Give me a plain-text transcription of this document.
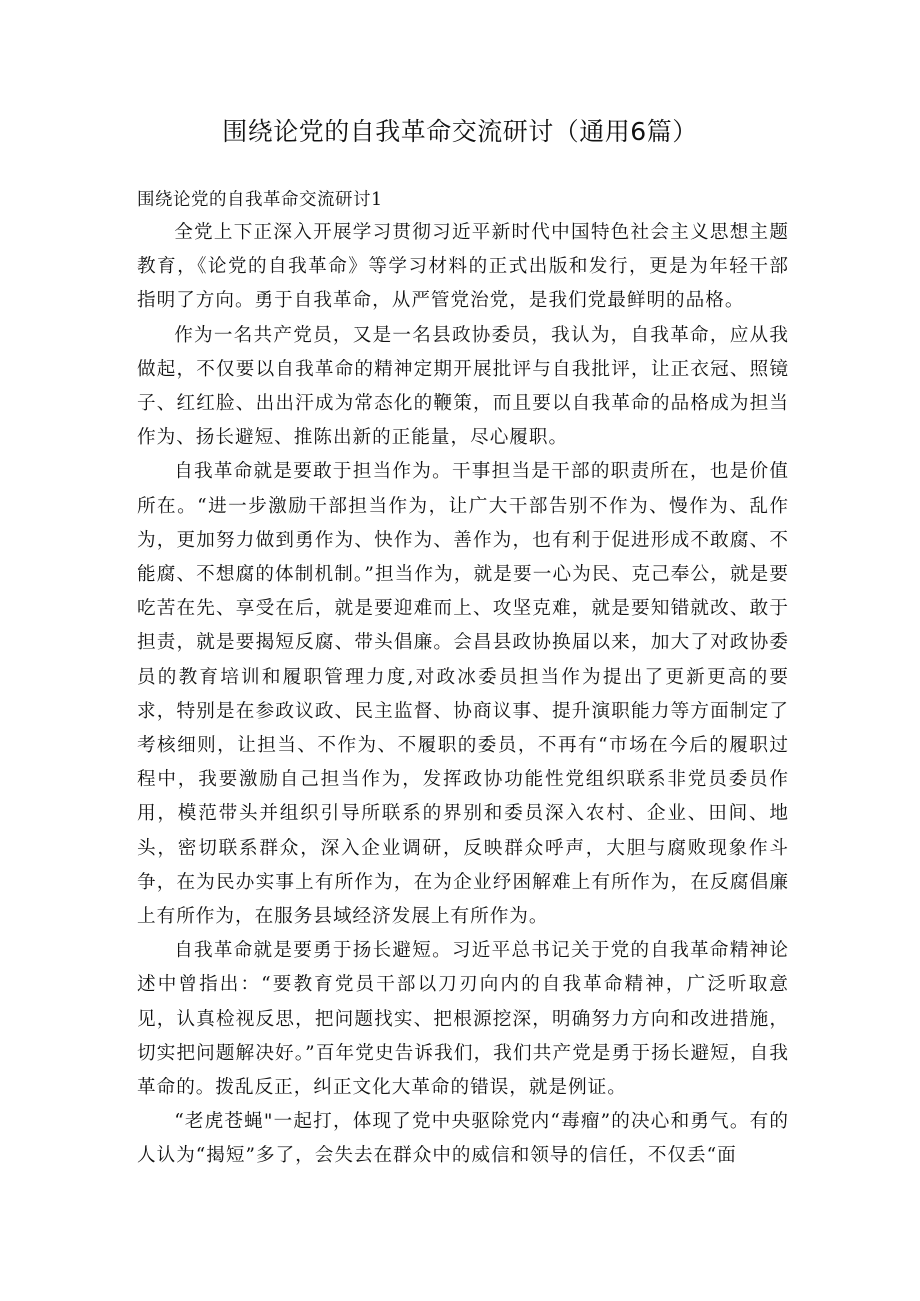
围绕论党的自我革命交流研讨（通用6篇）
围绕论党的自我革命交流研讨1

全党上下正深入开展学习贯彻习近平新时代中国特色社会主义思想主题教育，《论党的自我革命》等学习材料的正式出版和发行，更是为年轻干部指明了方向。勇于自我革命，从严管党治党，是我们党最鲜明的品格。

作为一名共产党员，又是一名县政协委员，我认为，自我革命，应从我做起，不仅要以自我革命的精神定期开展批评与自我批评，让正衣冠、照镜子、红红脸、出出汗成为常态化的鞭策，而且要以自我革命的品格成为担当作为、扬长避短、推陈出新的正能量，尽心履职。

自我革命就是要敢于担当作为。干事担当是干部的职责所在，也是价值所在。“进一步激励干部担当作为，让广大干部告别不作为、慢作为、乱作为，更加努力做到勇作为、快作为、善作为，也有利于促进形成不敢腐、不能腐、不想腐的体制机制。”担当作为，就是要一心为民、克己奉公，就是要吃苦在先、享受在后，就是要迎难而上、攻坚克难，就是要知错就改、敢于担责，就是要揭短反腐、带头倡廉。会昌县政协换届以来，加大了对政协委员的教育培训和履职管理力度,对政冰委员担当作为提出了更新更高的要求，特别是在参政议政、民主监督、协商议事、提升演职能力等方面制定了考核细则，让担当、不作为、不履职的委员，不再有“市场在今后的履职过程中，我要激励自己担当作为，发挥政协功能性党组织联系非党员委员作用，模范带头并组织引导所联系的界别和委员深入农村、企业、田间、地头，密切联系群众，深入企业调研，反映群众呼声，大胆与腐败现象作斗争，在为民办实事上有所作为，在为企业纾困解难上有所作为，在反腐倡廉上有所作为，在服务县域经济发展上有所作为。

自我革命就是要勇于扬长避短。习近平总书记关于党的自我革命精神论述中曾指出：“要教育党员干部以刀刃向内的自我革命精神，广泛听取意见，认真检视反思，把问题找实、把根源挖深，明确努力方向和改进措施，切实把问题解决好。”百年党史告诉我们，我们共产党是勇于扬长避短，自我革命的。拨乱反正，纠正文化大革命的错误，就是例证。

“老虎苍蝇"一起打，体现了党中央驱除党内“毒瘤”的决心和勇气。有的人认为“揭短”多了，会失去在群众中的威信和领导的信任，不仅丢“面
